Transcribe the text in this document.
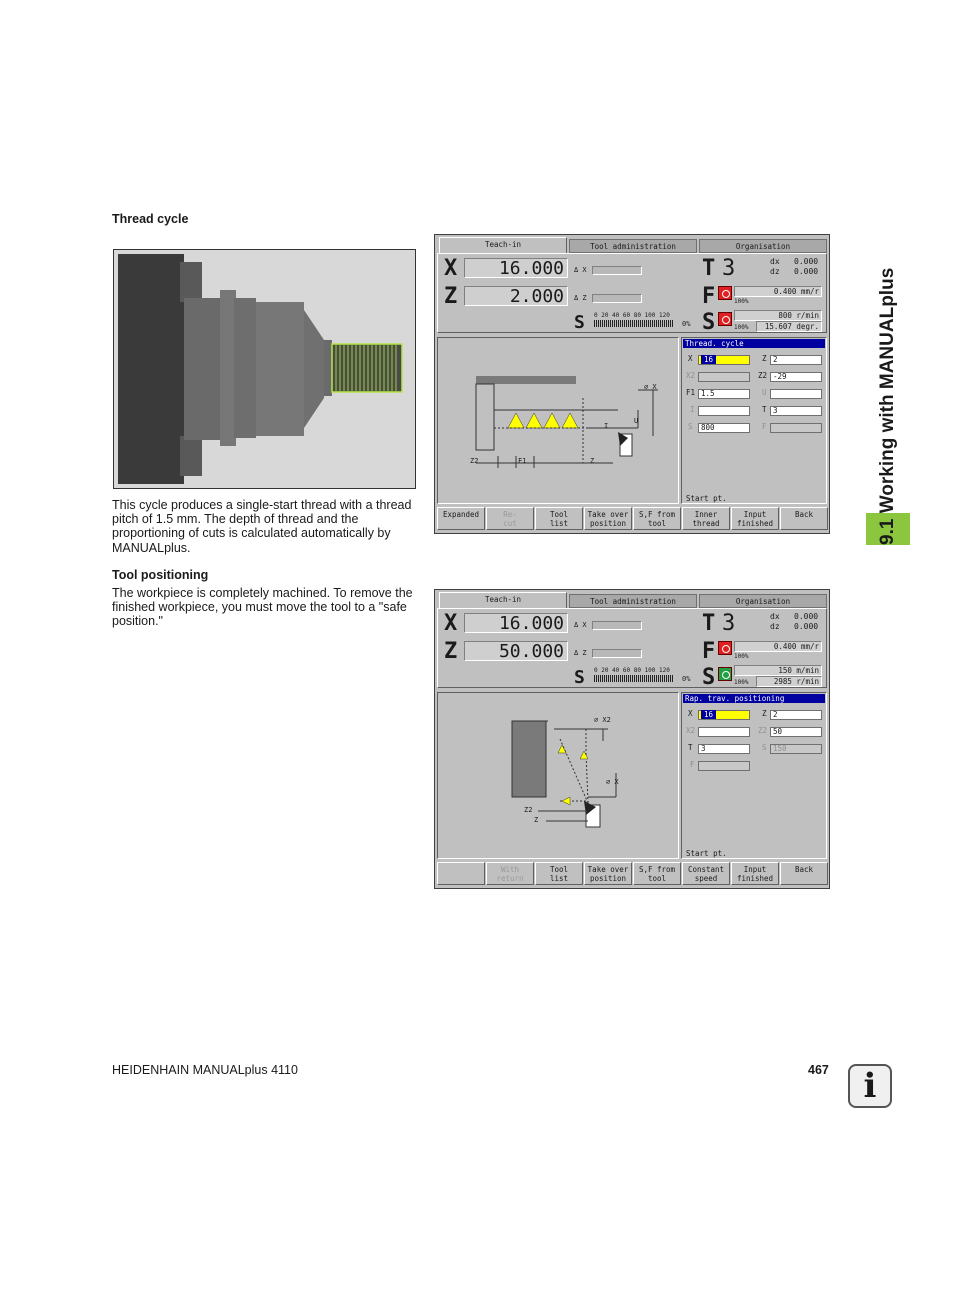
Thread cycle
This cycle produces a single-start thread with a thread pitch of 1.5 mm. The depth of thread and the proportioning of cuts is calculated automatically by MANUALplus.
Tool positioning
The workpiece is completely machined. To remove the finished workpiece, you must move the tool to a "safe position."
9.1 Working with MANUALplus
Teach-in	Tool administration	Organisation
X	16.000	Δ X
Z	2.000	Δ Z
S 0 20 40 60 80 100 120
0%
T 3	dx 0.000
dz 0.000
F	0.400 mm/r
100%
S	800 r/min
15.607 degr.
100%
⌀ X
U
I
Z2	F1	Z
Thread. cycle
X	16	Z 2
X2	Z2 -29
F1 1.5	U
I	T 3
S	800	F
Start pt.
Expanded	Re-
cut
Tool
list
Take over
position
S,F from
tool
Inner
thread
Input
finished
Back
Teach-in	Tool administration	Organisation
X	16.000	Δ X
Z	50.000	Δ Z
S 0 20 40 60 80 100 120
0%
T 3	dx 0.000
dz 0.000
F	0.400 mm/r
100%
S	150 m/min
2985 r/min
100%
⌀ X2
⌀ X
Z2
Z
Rap. trav. positioning
X	16	Z 2
X2	Z2 50
T	3	S 150
F
Start pt.
With
return
Tool
list
Take over
position
S,F from
tool
Constant
speed
Input
finished
Back
HEIDENHAIN MANUALplus 4110	467	i
